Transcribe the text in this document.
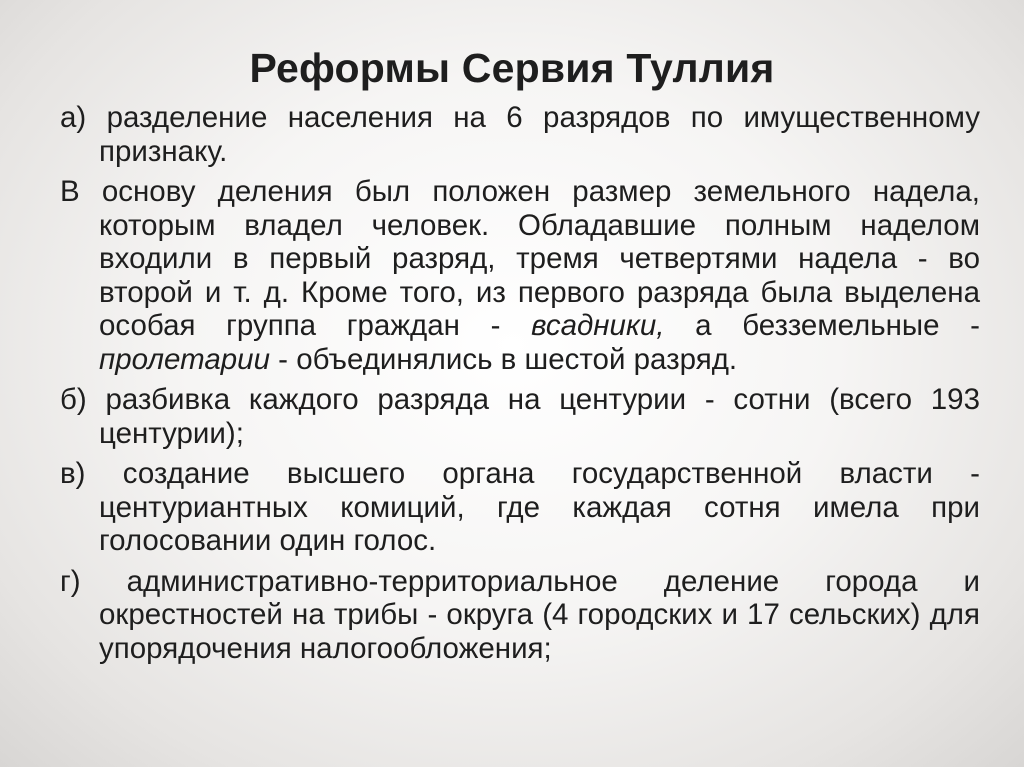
Реформы Сервия Туллия

а) разделение населения на 6 разрядов по имущественному признаку.

В основу деления был положен размер земельного надела, которым владел человек. Обладавшие полным наделом входили в первый разряд, тремя четвертями надела - во второй и т. д. Кроме того, из первого разряда была выделена особая группа граждан - всадники, а безземельные - пролетарии - объединялись в шестой разряд.

б) разбивка каждого разряда на центурии - сотни (всего 193 центурии);

в) создание высшего органа государственной власти - центуриантных комиций, где каждая сотня имела при голосовании один голос.

г) административно-территориальное деление города и окрестностей на трибы - округа (4 городских и 17 сельских) для упорядочения налогообложения;
